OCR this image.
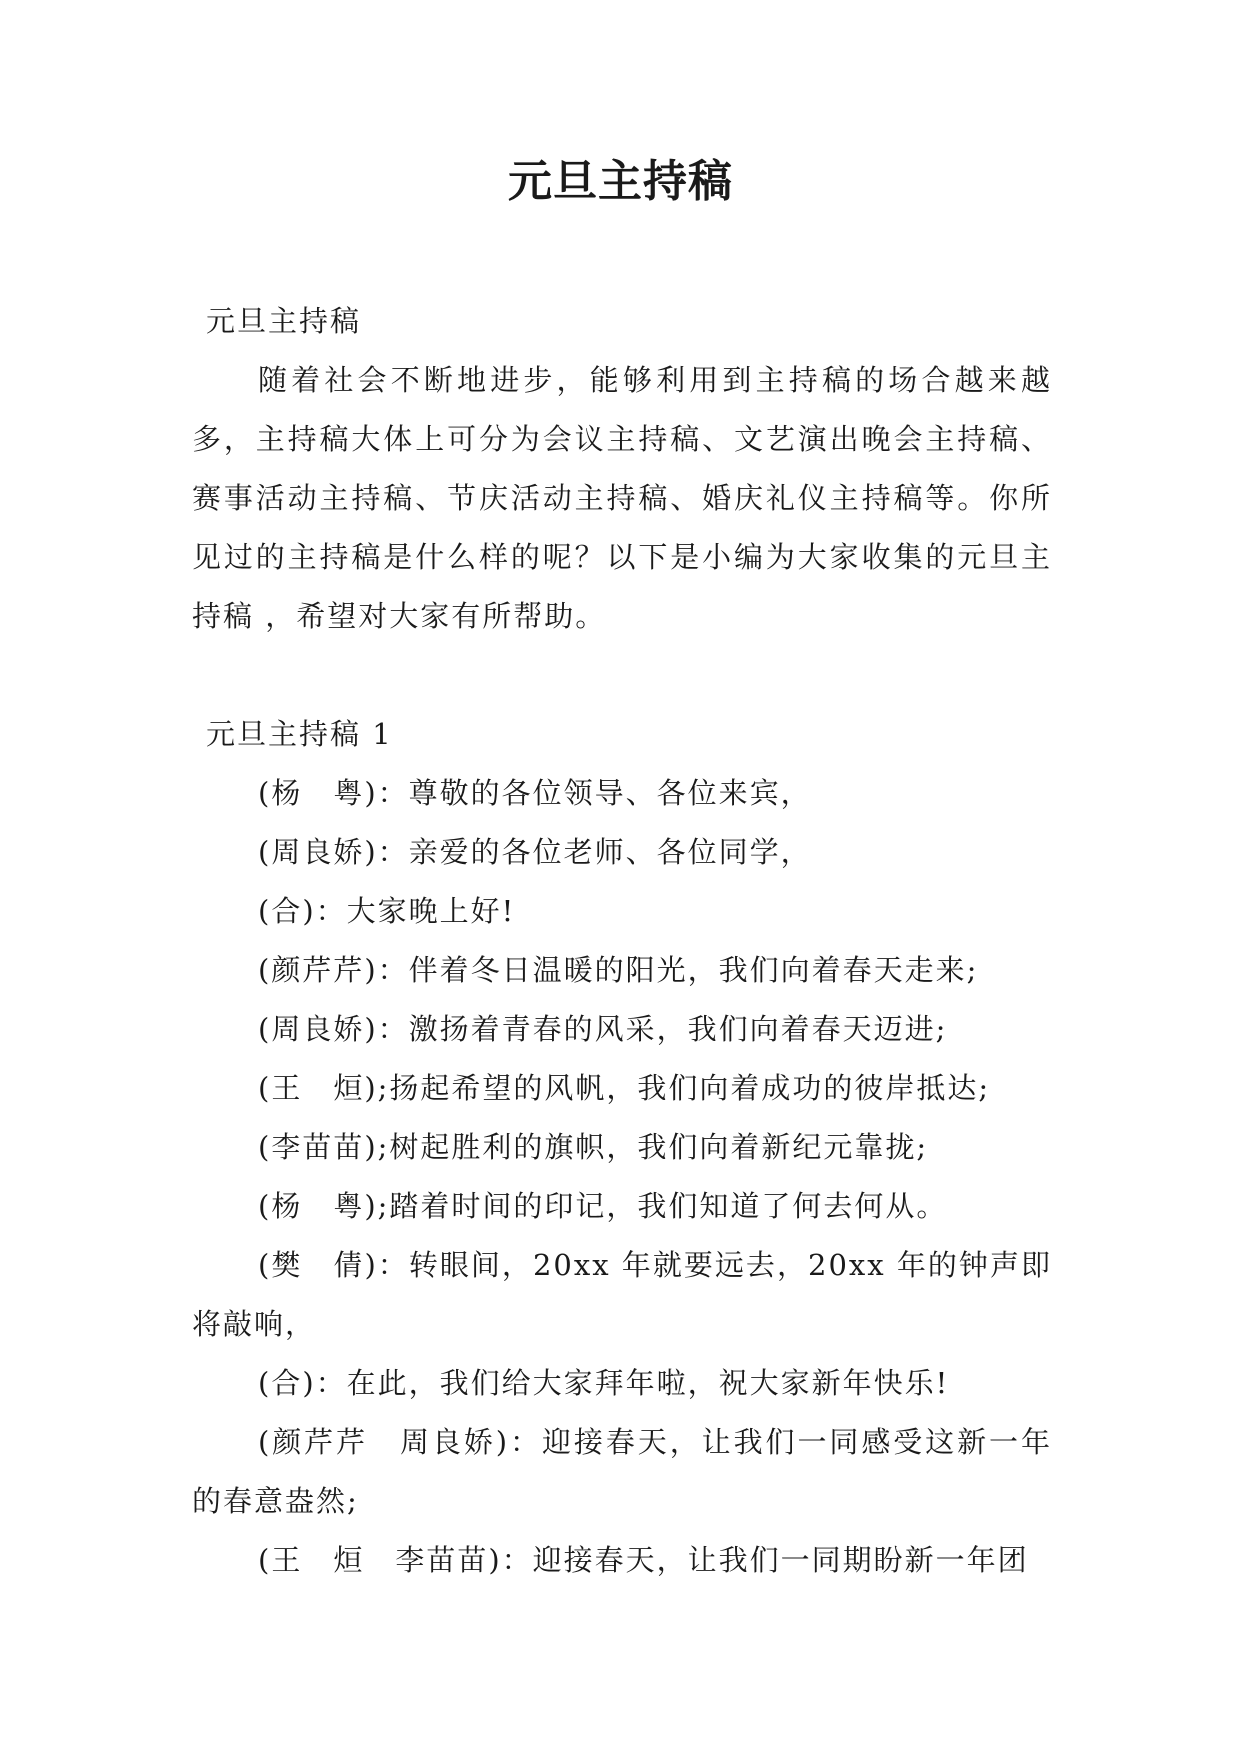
元旦主持稿

元旦主持稿

随着社会不断地进步，能够利用到主持稿的场合越来越多，主持稿大体上可分为会议主持稿、文艺演出晚会主持稿、赛事活动主持稿、节庆活动主持稿、婚庆礼仪主持稿等。你所见过的主持稿是什么样的呢？以下是小编为大家收集的元旦主持稿 ，希望对大家有所帮助。

元旦主持稿 1

(杨　粤)：尊敬的各位领导、各位来宾，

(周良娇)：亲爱的各位老师、各位同学，

(合)：大家晚上好!

(颜芹芹)：伴着冬日温暖的阳光，我们向着春天走来;

(周良娇)：激扬着青春的风采，我们向着春天迈进;

(王　烜);扬起希望的风帆，我们向着成功的彼岸抵达;

(李苗苗);树起胜利的旗帜，我们向着新纪元靠拢;

(杨　粤);踏着时间的印记，我们知道了何去何从。

(樊　倩)：转眼间，20xx 年就要远去，20xx 年的钟声即将敲响，

(合)：在此，我们给大家拜年啦，祝大家新年快乐!

(颜芹芹　周良娇)：迎接春天，让我们一同感受这新一年的春意盎然;

(王　烜　李苗苗)：迎接春天，让我们一同期盼新一年团
